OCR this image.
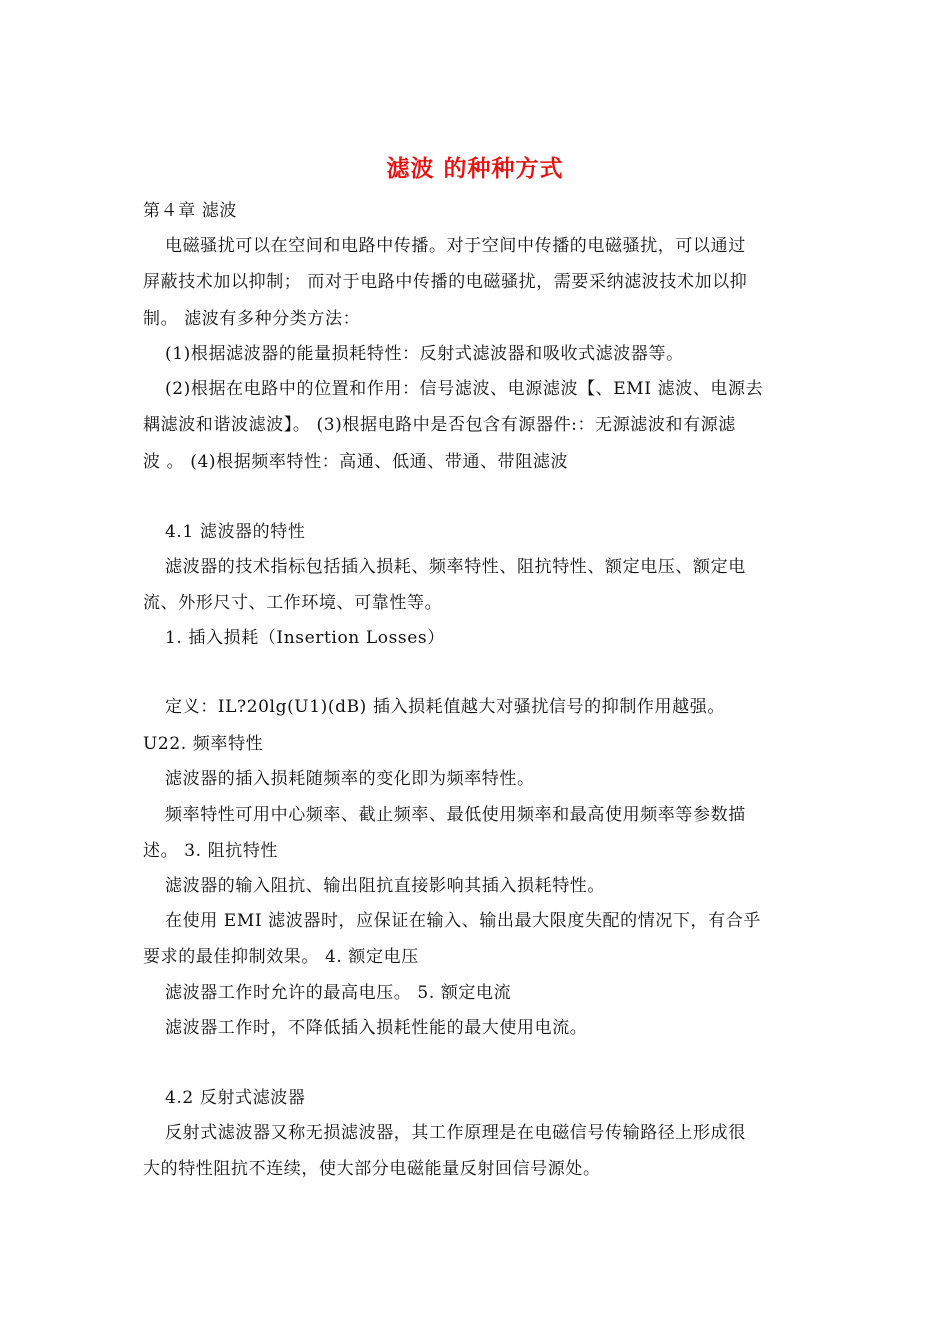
滤波 的种种方式
第４章 滤波
电磁骚扰可以在空间和电路中传播。对于空间中传播的电磁骚扰，可以通过
屏蔽技术加以抑制； 而对于电路中传播的电磁骚扰，需要采纳滤波技术加以抑
制。 滤波有多种分类方法：
(1)根据滤波器的能量损耗特性：反射式滤波器和吸收式滤波器等。
(2)根据在电路中的位置和作用：信号滤波、电源滤波【、EMI 滤波、电源去
耦滤波和谐波滤波】。 (3)根据电路中是否包含有源器件:：无源滤波和有源滤
波 。 (4)根据频率特性：高通、低通、带通、带阻滤波
4.1 滤波器的特性
滤波器的技术指标包括插入损耗、频率特性、阻抗特性、额定电压、额定电
流、外形尺寸、工作环境、可靠性等。
1. 插入损耗（Insertion Losses）
定义：IL?20lg(U1)(dB) 插入损耗值越大对骚扰信号的抑制作用越强。
U22. 频率特性
滤波器的插入损耗随频率的变化即为频率特性。
频率特性可用中心频率、截止频率、最低使用频率和最高使用频率等参数描
述。 3. 阻抗特性
滤波器的输入阻抗、输出阻抗直接影响其插入损耗特性。
在使用 EMI 滤波器时，应保证在输入、输出最大限度失配的情况下，有合乎
要求的最佳抑制效果。 4. 额定电压
滤波器工作时允许的最高电压。 5. 额定电流
滤波器工作时，不降低插入损耗性能的最大使用电流。
4.2 反射式滤波器
反射式滤波器又称无损滤波器，其工作原理是在电磁信号传输路径上形成很
大的特性阻抗不连续，使大部分电磁能量反射回信号源处。
